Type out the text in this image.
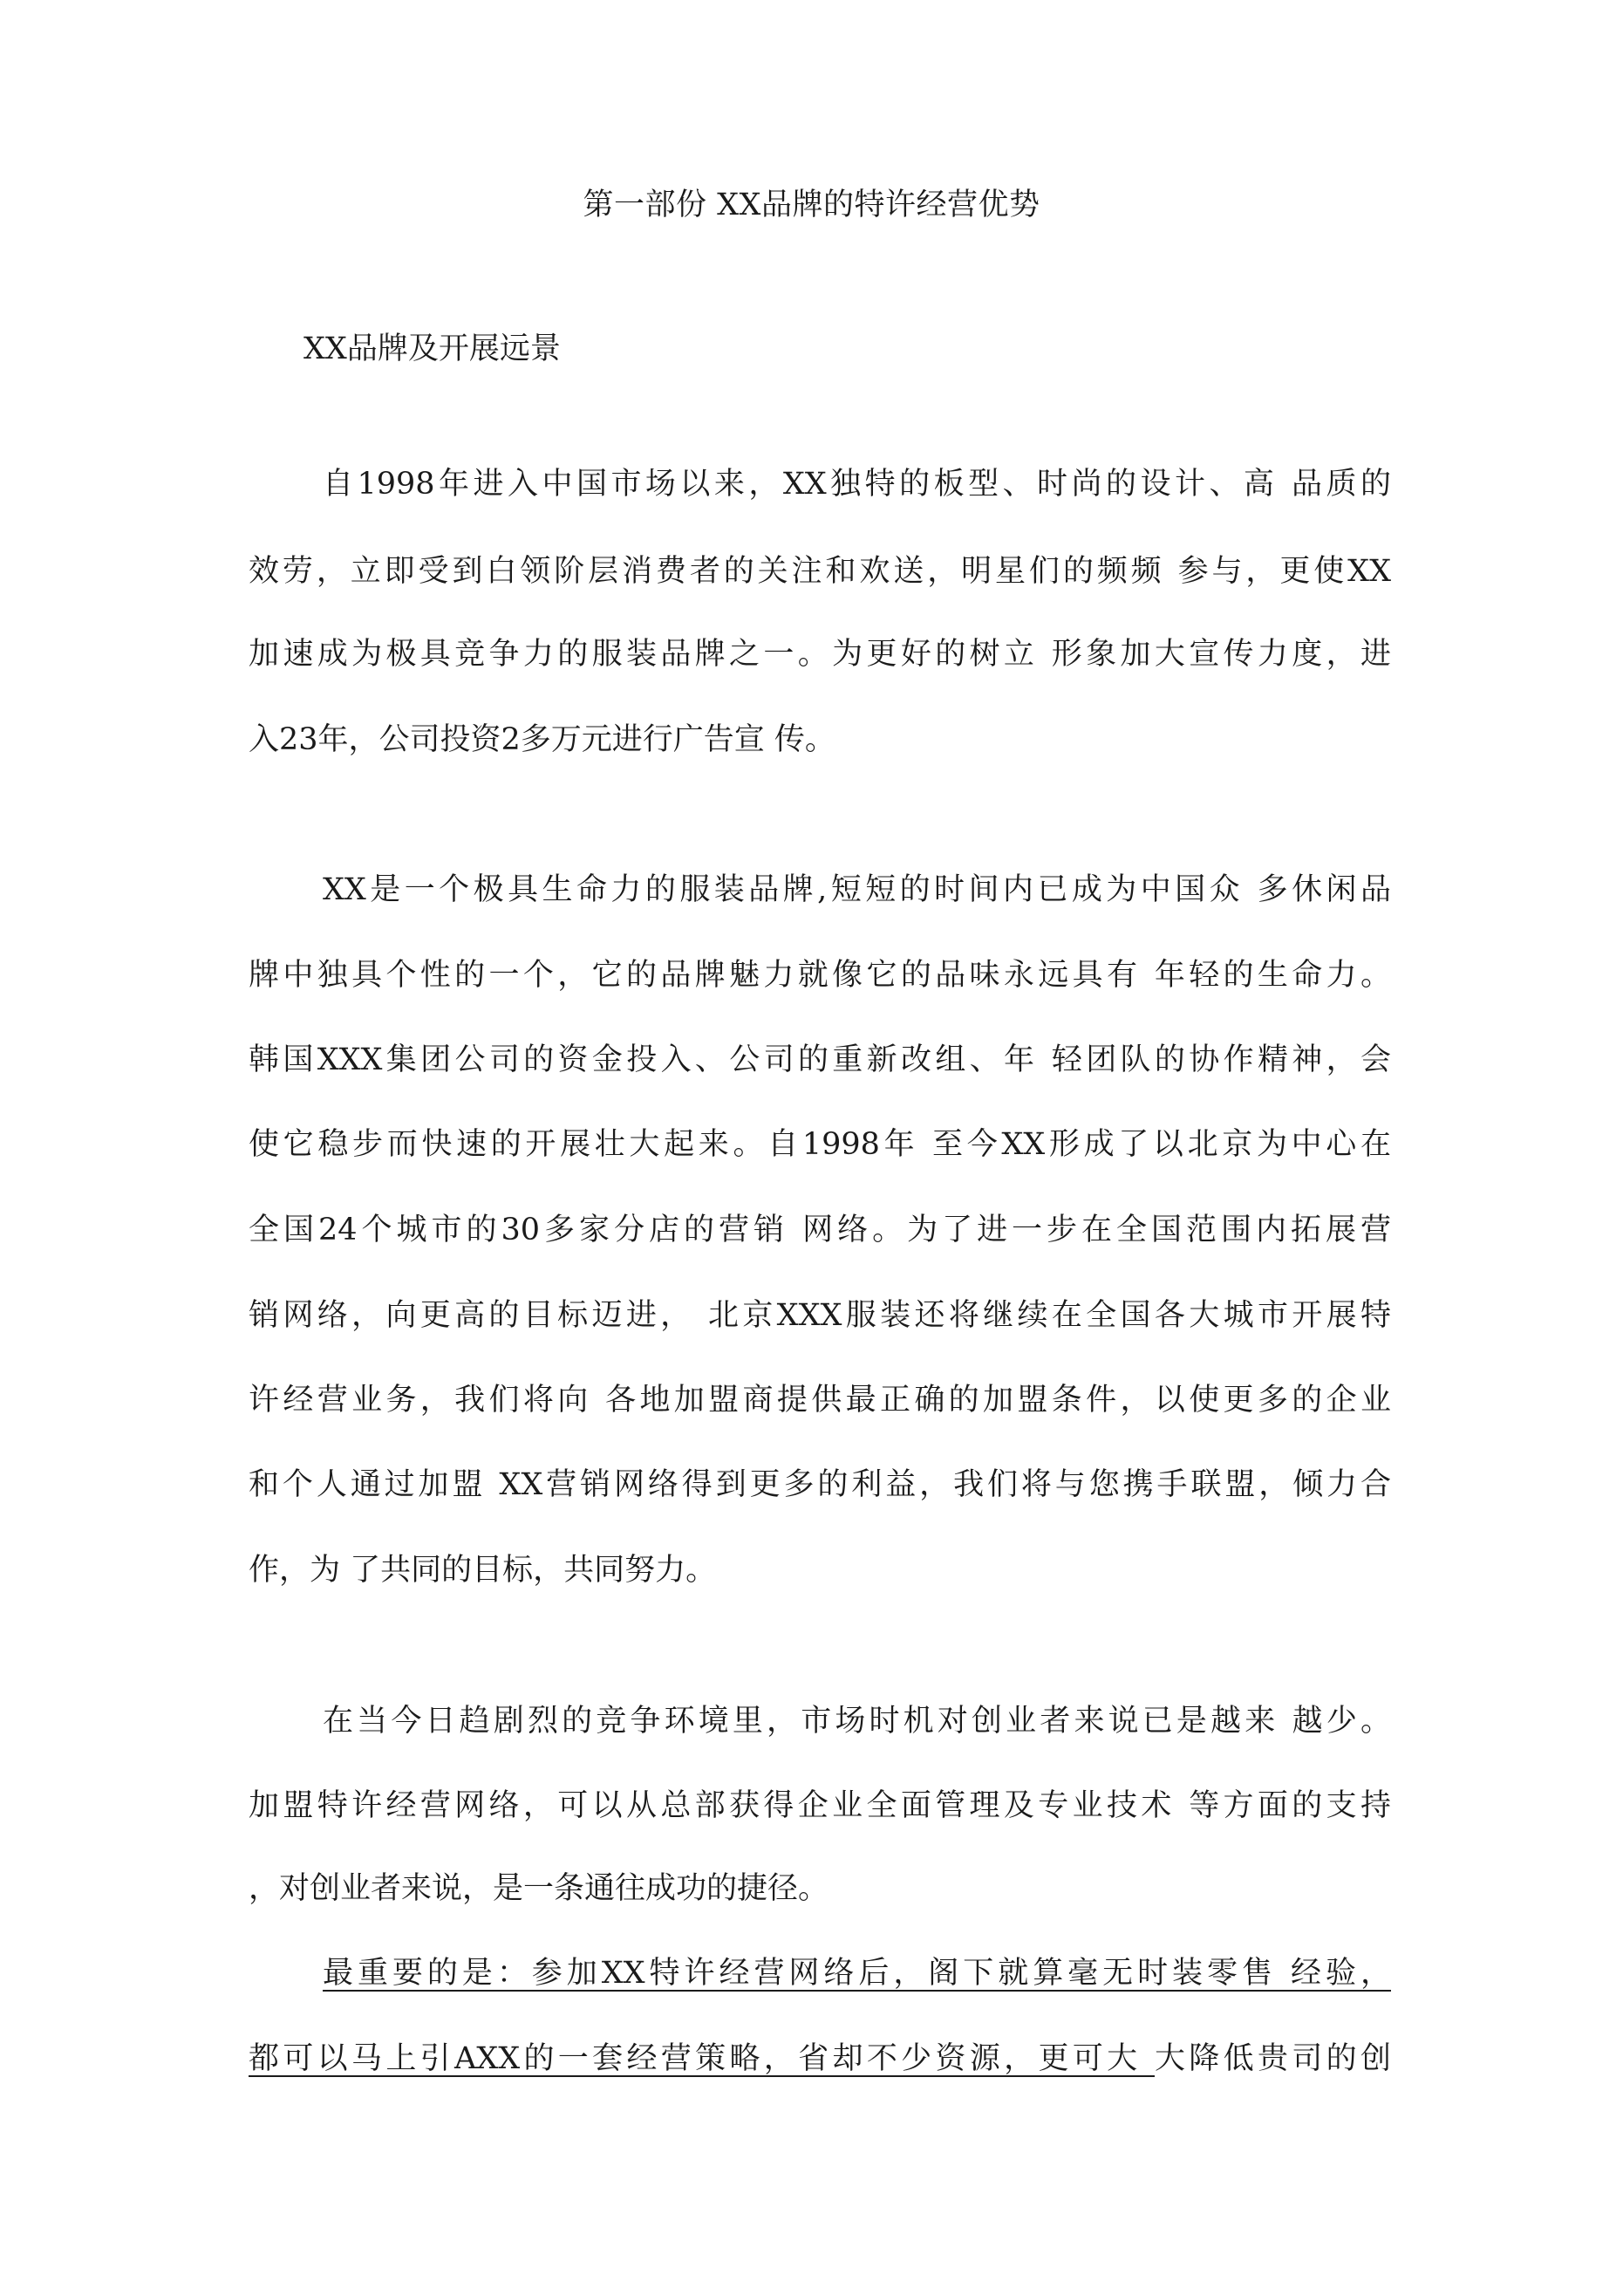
第一部份 XX品牌的特许经营优势
XX品牌及开展远景
自1998年进入中国市场以来，XX独特的板型、时尚的设计、高 品质的
效劳，立即受到白领阶层消费者的关注和欢送，明星们的频频 参与，更使XX
加速成为极具竞争力的服装品牌之一。为更好的树立 形象加大宣传力度，进
入23年，公司投资2多万元进行广告宣 传。
XX是一个极具生命力的服装品牌,短短的时间内已成为中国众 多休闲品
牌中独具个性的一个，它的品牌魅力就像它的品味永远具有 年轻的生命力。
韩国XXX集团公司的资金投入、公司的重新改组、年 轻团队的协作精神，会
使它稳步而快速的开展壮大起来。自1998年 至今XX形成了以北京为中心在
全国24个城市的30多家分店的营销 网络。为了进一步在全国范围内拓展营
销网络，向更高的目标迈进， 北京XXX服装还将继续在全国各大城市开展特
许经营业务，我们将向 各地加盟商提供最正确的加盟条件，以使更多的企业
和个人通过加盟 XX营销网络得到更多的利益，我们将与您携手联盟，倾力合
作，为 了共同的目标，共同努力。
在当今日趋剧烈的竞争环境里，市场时机对创业者来说已是越来 越少。
加盟特许经营网络，可以从总部获得企业全面管理及专业技术 等方面的支持
，对创业者来说，是一条通往成功的捷径。
最重要的是：参加XX特许经营网络后，阁下就算毫无时装零售 经验，
都可以马上引AXX的一套经营策略，省却不少资源，更可大 大降低贵司的创
